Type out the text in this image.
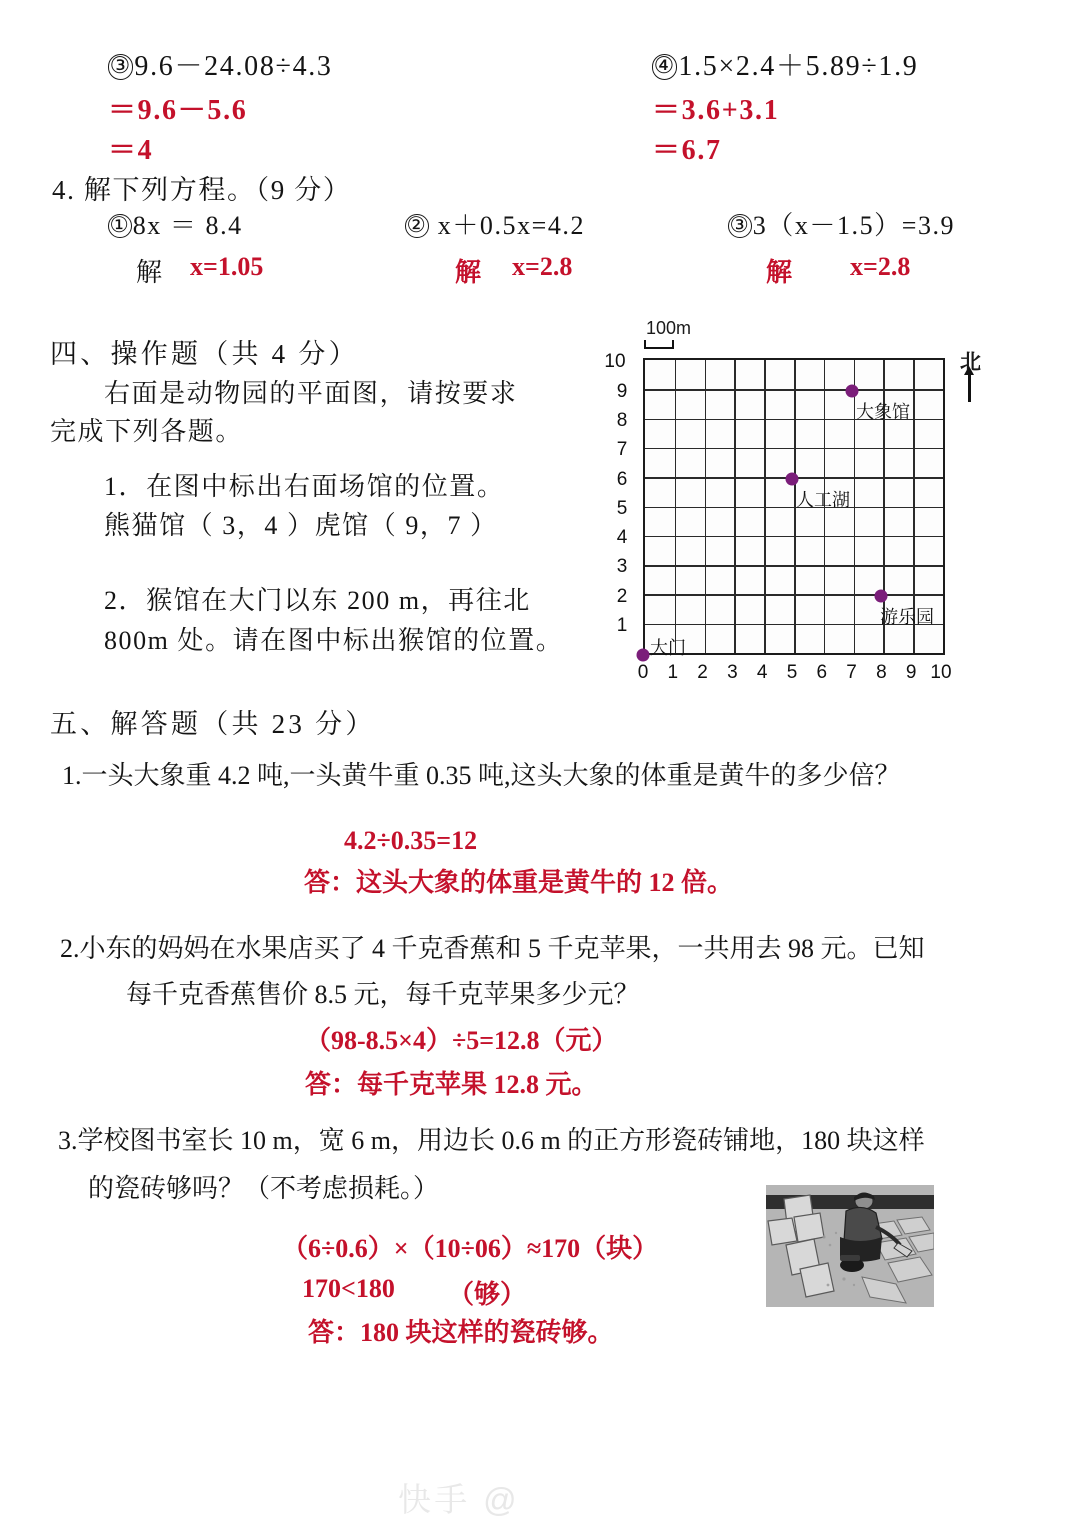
③9.6－24.08÷4.3
＝9.6－5.6
＝4
④1.5×2.4＋5.89÷1.9
＝3.6+3.1
＝6.7
4. 解下列方程。（9 分）
①8x ＝ 8.4
解 x=1.05
② x＋0.5x=4.2
解 x=2.8
③3（x－1.5）=3.9
解 x=2.8
四、操作题（共 4 分）
右面是动物园的平面图，请按要求
完成下列各题。
1．在图中标出右面场馆的位置。
熊猫馆（ 3，4 ）虎馆（ 9，7 ）
2．猴馆在大门以东 200 m，再往北
800m 处。请在图中标出猴馆的位置。
100m
北
0	1	2	3	4	5	6	7	8	9 10
1
2
3
4
5
6
7
8
9
10
大象馆
人工湖
游乐园
大门
五、解答题（共 23 分）
1.一头大象重 4.2 吨,一头黄牛重 0.35 吨,这头大象的体重是黄牛的多少倍？
4.2÷0.35=12
答：这头大象的体重是黄牛的 12 倍。
2.小东的妈妈在水果店买了 4 千克香蕉和 5 千克苹果，一共用去 98 元。已知
每千克香蕉售价 8.5 元，每千克苹果多少元？
（98-8.5×4）÷5=12.8（元）
答：每千克苹果 12.8 元。
3.学校图书室长 10 m，宽 6 m，用边长 0.6 m 的正方形瓷砖铺地，180 块这样
的瓷砖够吗？（不考虑损耗。）
（6÷0.6）×（10÷06）≈170（块）
170<180 （够）
答：180 块这样的瓷砖够。
快手 @
